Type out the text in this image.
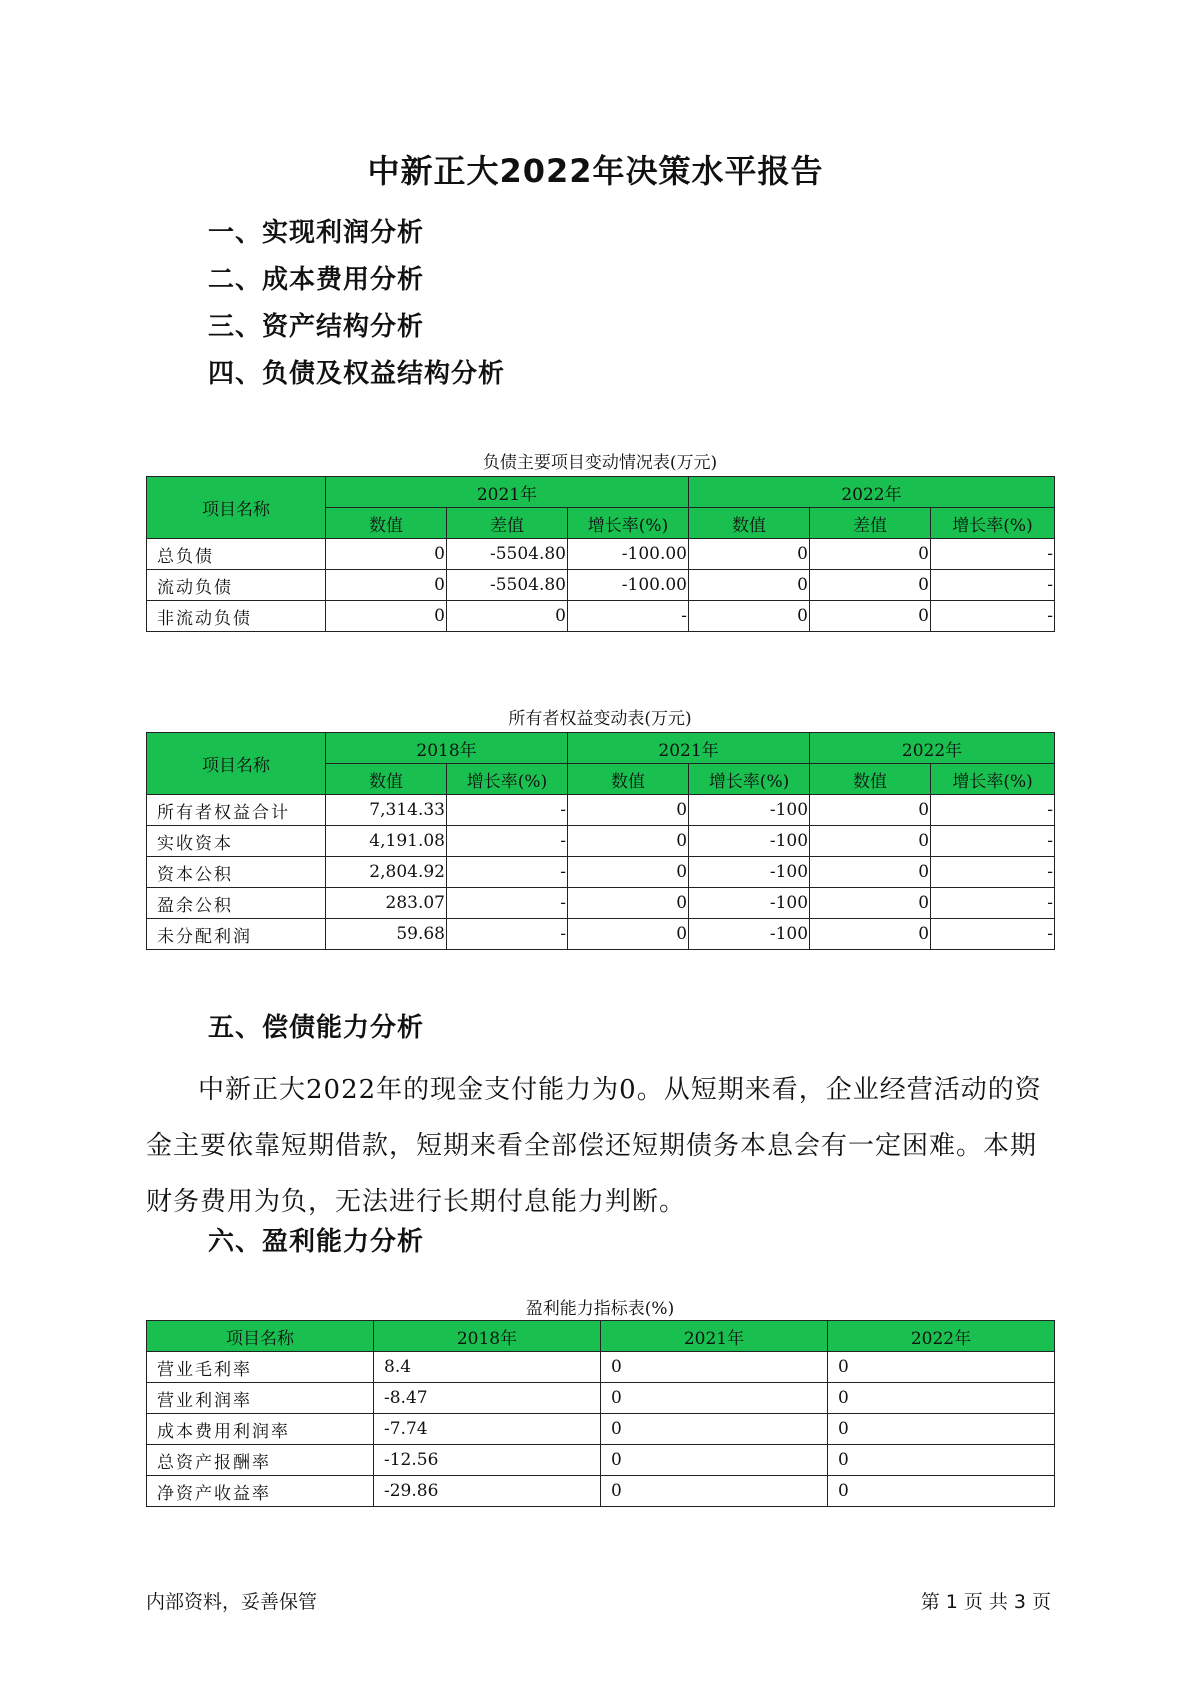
中新正大2022年决策水平报告
一、实现利润分析
二、成本费用分析
三、资产结构分析
四、负债及权益结构分析
负债主要项目变动情况表(万元)
项目名称	2021年			2022年		
	数值	差值	增长率(%)	数值	差值	增长率(%)
总负债	0	-5504.80	-100.00	0	0	-
流动负债	0	-5504.80	-100.00	0	0	-
非流动负债	0	0	-	0	0	-
所有者权益变动表(万元)
项目名称	2018年		2021年		2022年	
	数值	增长率(%)	数值	增长率(%)	数值	增长率(%)
所有者权益合计	7,314.33	-	0	-100	0	-
实收资本	4,191.08	-	0	-100	0	-
资本公积	2,804.92	-	0	-100	0	-
盈余公积	283.07	-	0	-100	0	-
未分配利润	59.68	-	0	-100	0	-
五、偿债能力分析

中新正大2022年的现金支付能力为0。从短期来看，企业经营活动的资金主要依靠短期借款，短期来看全部偿还短期债务本息会有一定困难。本期财务费用为负，无法进行长期付息能力判断。

六、盈利能力分析
盈利能力指标表(%)
项目名称	2018年	2021年	2022年
营业毛利率	8.4	0	0
营业利润率	-8.47	0	0
成本费用利润率	-7.74	0	0
总资产报酬率	-12.56	0	0
净资产收益率	-29.86	0	0
内部资料，妥善保管	第 1 页 共 3 页
